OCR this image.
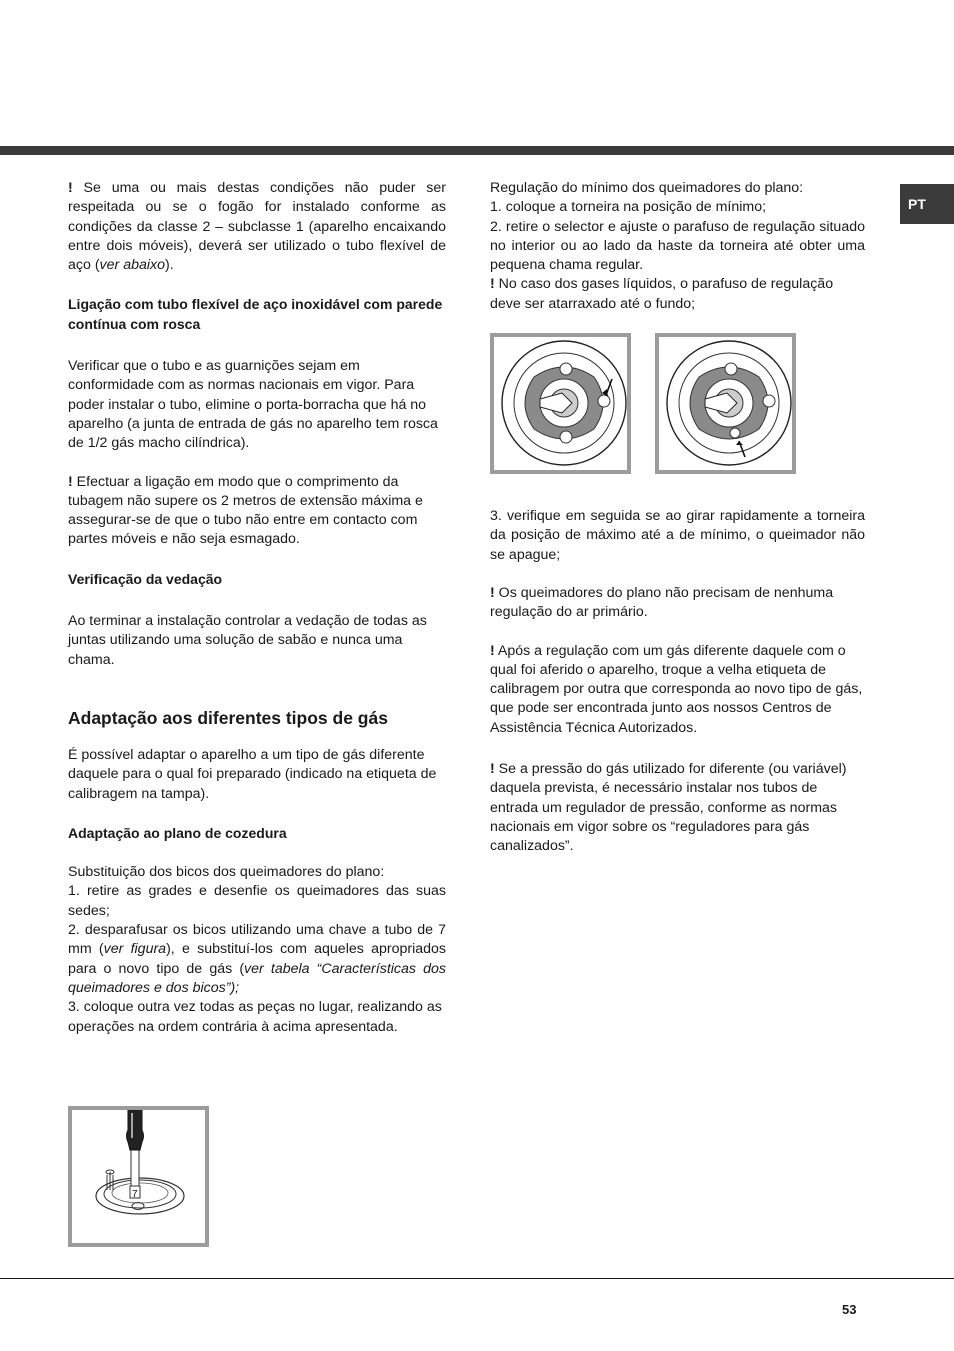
PT

! Se uma ou mais destas condições não puder ser respeitada ou se o fogão for instalado conforme as condições da classe 2 – subclasse 1 (aparelho encaixando entre dois móveis), deverá ser utilizado o tubo flexível de aço (ver abaixo).

Ligação com tubo flexível de aço inoxidável com parede contínua com rosca

Verificar que o tubo e as guarnições sejam em conformidade com as normas nacionais em vigor. Para poder instalar o tubo, elimine o porta-borracha que há no aparelho (a junta de entrada de gás no aparelho tem rosca de 1/2 gás macho cilíndrica).

! Efectuar a ligação em modo que o comprimento da tubagem não supere os 2 metros de extensão máxima e assegurar-se de que o tubo não entre em contacto com partes móveis e não seja esmagado.

Verificação da vedação

Ao terminar a instalação controlar a vedação de todas as juntas utilizando uma solução de sabão e nunca uma chama.

Adaptação aos diferentes tipos de gás

É possível adaptar o aparelho a um tipo de gás diferente daquele para o qual foi preparado (indicado na etiqueta de calibragem na tampa).

Adaptação ao plano de cozedura

Substituição dos bicos dos queimadores do plano:

1. retire as grades e desenfie os queimadores das suas sedes;

2. desparafusar os bicos utilizando uma chave a tubo de 7 mm (ver figura), e substituí-los com aqueles apropriados para o novo tipo de gás (ver tabela “Características dos queimadores e dos bicos”);

3. coloque outra vez todas as peças no lugar, realizando as operações na ordem contrária à acima apresentada.

7

Regulação do mínimo dos queimadores do plano:

1. coloque a torneira na posição de mínimo;

2. retire o selector e ajuste o parafuso de regulação situado no interior ou ao lado da haste da torneira até obter uma pequena chama regular.

! No caso dos gases líquidos, o parafuso de regulação deve ser atarraxado até o fundo;

3. verifique em seguida se ao girar rapidamente a torneira da posição de máximo até a de mínimo, o queimador não se apague;

! Os queimadores do plano não precisam de nenhuma regulação do ar primário.

! Após a regulação com um gás diferente daquele com o qual foi aferido o aparelho, troque a velha etiqueta de calibragem por outra que corresponda ao novo tipo de gás, que pode ser encontrada junto aos nossos Centros de Assistência Técnica Autorizados.

! Se a pressão do gás utilizado for diferente (ou variável) daquela prevista, é necessário instalar nos tubos de entrada um regulador de pressão, conforme as normas nacionais em vigor sobre os “reguladores para gás canalizados”.

53
